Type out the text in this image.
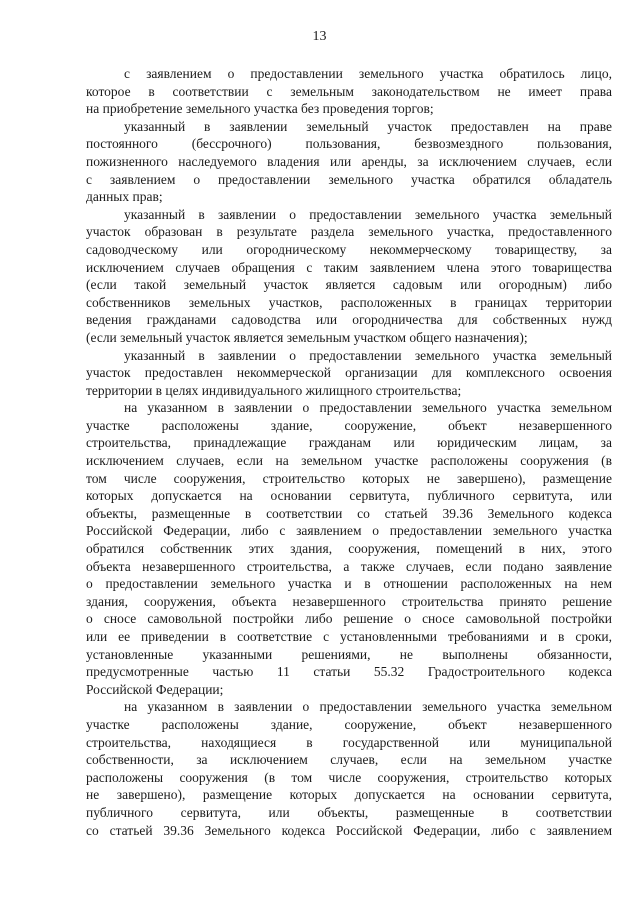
13
с заявлением о предоставлении земельного участка обратилось лицо,
которое в соответствии с земельным законодательством не имеет права
на приобретение земельного участка без проведения торгов;
указанный в заявлении земельный участок предоставлен на праве
постоянного (бессрочного) пользования, безвозмездного пользования,
пожизненного наследуемого владения или аренды, за исключением случаев, если
с заявлением о предоставлении земельного участка обратился обладатель
данных прав;
указанный в заявлении о предоставлении земельного участка земельный
участок образован в результате раздела земельного участка, предоставленного
садоводческому или огородническому некоммерческому товариществу, за
исключением случаев обращения с таким заявлением члена этого товарищества
(если такой земельный участок является садовым или огородным) либо
собственников земельных участков, расположенных в границах территории
ведения гражданами садоводства или огородничества для собственных нужд
(если земельный участок является земельным участком общего назначения);
указанный в заявлении о предоставлении земельного участка земельный
участок предоставлен некоммерческой организации для комплексного освоения
территории в целях индивидуального жилищного строительства;
на указанном в заявлении о предоставлении земельного участка земельном
участке расположены здание, сооружение, объект незавершенного
строительства, принадлежащие гражданам или юридическим лицам, за
исключением случаев, если на земельном участке расположены сооружения (в
том числе сооружения, строительство которых не завершено), размещение
которых допускается на основании сервитута, публичного сервитута, или
объекты, размещенные в соответствии со статьей 39.36 Земельного кодекса
Российской Федерации, либо с заявлением о предоставлении земельного участка
обратился собственник этих здания, сооружения, помещений в них, этого
объекта незавершенного строительства, а также случаев, если подано заявление
о предоставлении земельного участка и в отношении расположенных на нем
здания, сооружения, объекта незавершенного строительства принято решение
о сносе самовольной постройки либо решение о сносе самовольной постройки
или ее приведении в соответствие с установленными требованиями и в сроки,
установленные указанными решениями, не выполнены обязанности,
предусмотренные частью 11 статьи 55.32 Градостроительного кодекса
Российской Федерации;
на указанном в заявлении о предоставлении земельного участка земельном
участке расположены здание, сооружение, объект незавершенного
строительства, находящиеся в государственной или муниципальной
собственности, за исключением случаев, если на земельном участке
расположены сооружения (в том числе сооружения, строительство которых
не завершено), размещение которых допускается на основании сервитута,
публичного сервитута, или объекты, размещенные в соответствии
со статьей 39.36 Земельного кодекса Российской Федерации, либо с заявлением
